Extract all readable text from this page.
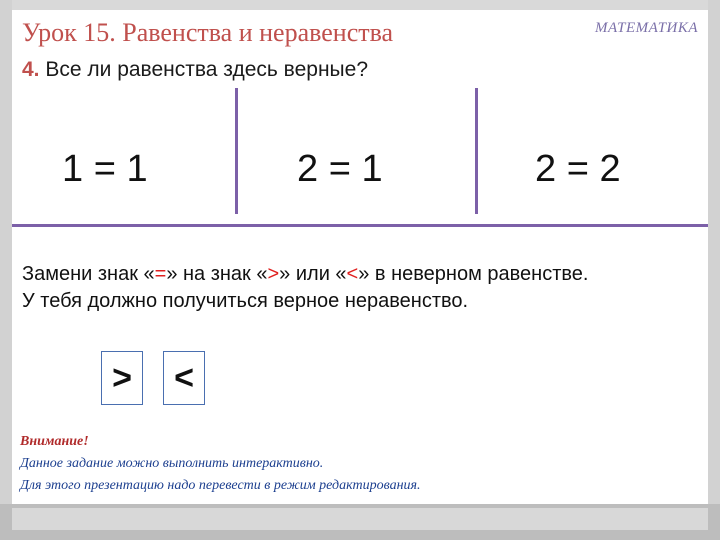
Урок 15. Равенства и неравенства	МАТЕМАТИКА
4. Все ли равенства здесь верные?
1 = 1	2 = 1	2 = 2
Замени знак «=» на знак «>» или «<» в неверном равенстве.
У тебя должно получиться верное неравенство.
>	<
Внимание!
Данное задание можно выполнить интерактивно.
Для этого презентацию надо перевести в режим редактирования.
